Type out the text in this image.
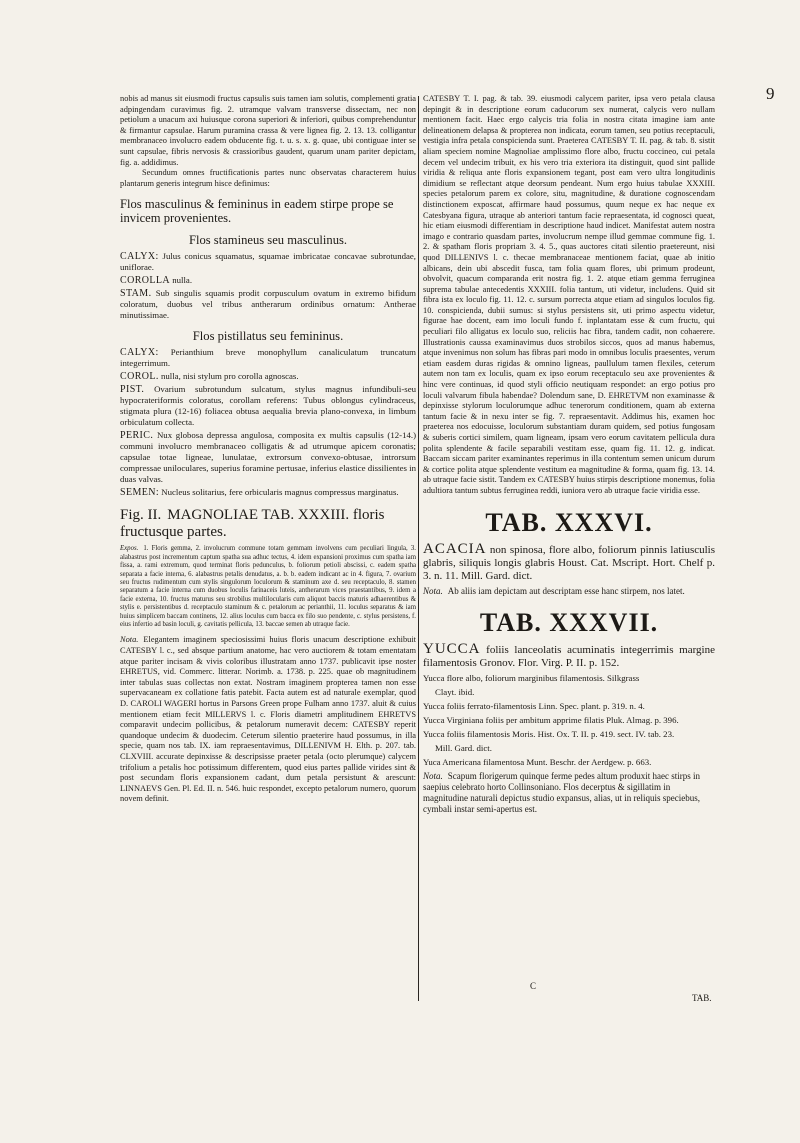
9

nobis ad manus sit eiusmodi fructus capsulis suis tamen iam solutis, complementi gratia adpingendam curavimus fig. 2. utramque valvam transverse dissectam, nec non petiolum a unacum axi huiusque corona superiori & inferiori, quibus comprehenduntur & firmantur capsulae. Harum puramina crassa & vere lignea fig. 2. 13. 13. colligantur membranaceo involucro eadem obducente fig. t. u. s. x. g. quae, ubi contiguae inter se sunt capsulae, fibris nervosis & crassioribus gaudent, quarum unam pariter depictam, fig. a. addidimus.

Secundum omnes fructificationis partes nunc observatas characterem huius plantarum generis integrum hisce definimus:

Flos masculinus & femininus in eadem stirpe prope se invicem provenientes.

Flos stamineus seu masculinus.

CALYX: Julus conicus squamatus, squamae imbricatae concavae subrotundae, uniflorae.

COROLLA nulla.

STAM. Sub singulis squamis prodit corpusculum ovatum in extremo bifidum coloratum, duobus vel tribus antherarum ordinibus ornatum: Antherae minutissimae.

Flos pistillatus seu femininus.

CALYX: Perianthium breve monophyllum canaliculatum truncatum integerrimum.

COROL. nulla, nisi stylum pro corolla agnoscas.

PIST. Ovarium subrotundum sulcatum, stylus magnus infundibuli-seu hypocrateriformis coloratus, corollam referens: Tubus oblongus cylindraceus, stigmata plura (12-16) foliacea obtusa aequalia brevia plano-convexa, in limbum orbiculatum collecta.

PERIC. Nux globosa depressa angulosa, composita ex multis capsulis (12-14.) communi involucro membranaceo colligatis & ad utrumque apicem coronatis; capsulae totae ligneae, lunulatae, extrorsum convexo-obtusae, introrsum compressae uniloculares, superius foramine pertusae, inferius elastice dissilientes in duas valvas.

SEMEN: Nucleus solitarius, fere orbicularis magnus compressus marginatus.

Fig. II. MAGNOLIAE TAB. XXXIII. floris fructusque partes.

Expos. 1. Floris gemma, 2. involucrum commune totam gemmam involvens cum peculiari lingula, 3. alabastrus post incrementum captum spatha sua adhuc tectus, 4. idem expansioni proximus cum spatha iam fissa, a. rami extremum, quod terminat floris pedunculus, b. foliorum petioli abscissi, c. eadem spatha separata a facie interna, 6. alabastrus petalis denudatus, a. b. b. eadem indicant ac in 4. figura, 7. ovarium seu fructus rudimentum cum stylis singulorum loculorum & staminum axe d. seu receptaculo, 8. stamen separatum a facie interna cum duobus loculis farinaceis luteis, antherarum vices praestantibus, 9. idem a facie externa, 10. fructus maturus seu strobilus multilocularis cum aliquot baccis maturis adhaerentibus & stylis e. persistentibus d. receptaculo staminum & c. petalorum ac perianthii, 11. loculus separatus & iam huius simplicem baccam continens, 12. alius loculus cum bacca ex filo suo pendente, c. stylus persistens, f. eius infertio ad basin loculi, g. cavitatis pellicula, 13. baccae semen ab utraque facie.

Nota. Elegantem imaginem speciosissimi huius floris unacum descriptione exhibuit CATESBY l. c., sed absque partium anatome, hac vero auctiorem & totam ementatam atque pariter incisam & vivis coloribus illustratam anno 1737. publicavit ipse noster EHRETUS, vid. Commerc. litterar. Norimb. a. 1738. p. 225. quae ob magnitudinem inter tabulas suas collectas non extat. Nostram imaginem propterea tamen non esse supervacaneam ex collatione fatis patebit. Facta autem est ad naturale exemplar, quod D. CAROLI WAGERI hortus in Parsons Green prope Fulham anno 1737. aluit & cuius mentionem etiam fecit MILLERVS l. c. Floris diametri amplitudinem EHRETVS comparavit undecim pollicibus, & petalorum numeravit decem: CATESBY reperit quandoque undecim & duodecim. Ceterum silentio praeterire haud possumus, in illa specie, quam nos tab. IX. iam repraesentavimus, DILLENIVM H. Elth. p. 207. tab. CLXVIII. accurate depinxisse & descripsisse praeter petala (octo plerumque) calycem trifolium a petalis hoc potissimum differentem, quod eius partes pallide virides sint & post secundam floris expansionem cadant, dum petala persistunt & arescunt: LINNAEVS Gen. Pl. Ed. II. n. 546. huic respondet, excepto petalorum numero, quorum novem definit.

CATESBY T. I. pag. & tab. 39. eiusmodi calycem pariter, ipsa vero petala clausa depingit & in descriptione eorum caducorum sex numerat, calycis vero nullam mentionem facit. Haec ergo calycis tria folia in nostra citata imagine iam ante delineationem delapsa & propterea non indicata, eorum tamen, seu potius receptaculi, vestigia infra petala conspicienda sunt. Praeterea CATESBY T. II. pag. & tab. 8. sistit aliam speciem nomine Magnoliae amplissimo flore albo, fructu coccineo, cui petala decem vel undecim tribuit, ex his vero tria exteriora ita distinguit, quod sint pallide viridia & reliqua ante floris expansionem tegant, post eam vero ultra longitudinis dimidium se reflectant atque deorsum pendeant. Num ergo huius tabulae XXXIII. species petalorum parem ex colore, situ, magnitudine, & duratione cognoscendam distinctionem exposcat, affirmare haud possumus, quum neque ex hac neque ex Catesbyana figura, utraque ab anteriori tantum facie repraesentata, id cognosci queat, hic etiam eiusmodi differentiam in descriptione haud indicet. Manifestat autem nostra imago e contrario quasdam partes, involucrum nempe illud gemmae commune fig. 1. 2. & spatham floris propriam 3. 4. 5., quas auctores citati silentio praetereunt, nisi quod DILLENIVS l. c. thecae membranaceae mentionem faciat, quae ab initio albicans, dein ubi abscedit fusca, tam folia quam flores, ubi primum prodeunt, obvolvit, quacum comparanda erit nostra fig. 1. 2. atque etiam gemma ferruginea suprema tabulae antecedentis XXXIII. folia tantum, uti videtur, includens. Quid sit fibra ista ex loculo fig. 11. 12. c. sursum porrecta atque etiam ad singulos loculos fig. 10. conspicienda, dubii sumus: si stylus persistens sit, uti primo aspectu videtur, figurae hae docent, eam imo loculi fundo f. inplantatam esse & cum fructu, qui peculiari filo alligatus ex loculo suo, reliciis hac fibra, tandem cadit, non cohaerere. Illustrationis caussa examinavimus duos strobilos siccos, quos ad manus habemus, atque invenimus non solum has fibras pari modo in omnibus loculis praesentes, verum etiam easdem duras rigidas & omnino ligneas, paullulum tamen flexiles, ceterum autem non tam ex loculis, quam ex ipso eorum receptaculo seu axe provenientes & hinc vere continuas, id quod styli officio neutiquam respondet: an ergo potius pro loculi valvarum fibula habendae? Dolendum sane, D. EHRETVM non examinasse & depinxisse stylorum loculorumque adhuc tenerorum conditionem, quam ab externa tantum facie & in nexu inter se fig. 7. repraesentavit. Addimus his, examen hoc praeterea nos edocuisse, loculorum substantiam duram quidem, sed potius fungosam & suberis cortici similem, quam ligneam, ipsam vero eorum cavitatem pellicula dura polita splendente & facile separabili vestitam esse, quam fig. 11. 12. g. indicat. Baccam siccam pariter examinantes reperimus in illa contentum semen unicum durum & cortice polita atque splendente vestitum ea magnitudine & forma, quam fig. 13. 14. ab utraque facie sistit. Tandem ex CATESBY huius stirpis descriptione monemus, folia adultiora tantum subtus ferruginea reddi, iuniora vero ab utraque facie viridia esse.

TAB. XXXVI.

ACACIA non spinosa, flore albo, foliorum pinnis latiusculis glabris, siliquis longis glabris Houst. Cat. Mscript. Hort. Chelf p. 3. n. 11. Mill. Gard. dict.

Nota. Ab aliis iam depictam aut descriptam esse hanc stirpem, nos latet.

TAB. XXXVII.

YUCCA foliis lanceolatis acuminatis integerrimis margine filamentosis Gronov. Flor. Virg. P. II. p. 152.

Yucca flore albo, foliorum marginibus filamentosis. Silkgrass

Clayt. ibid.

Yucca foliis ferrato-filamentosis Linn. Spec. plant. p. 319. n. 4.

Yucca Virginiana foliis per ambitum apprime filatis Pluk. Almag. p. 396.

Yucca foliis filamentosis Moris. Hist. Ox. T. II. p. 419. sect. IV. tab. 23.

Mill. Gard. dict.

Yuca Americana filamentosa Munt. Beschr. der Aerdgew. p. 663.

Nota. Scapum florigerum quinque ferme pedes altum produxit haec stirps in saepius celebrato horto Collinsoniano. Flos decerptus & sigillatim in magnitudine naturali depictus studio expansus, alias, ut in reliquis speciebus, cymbali instar semi-apertus est.

C
TAB.
